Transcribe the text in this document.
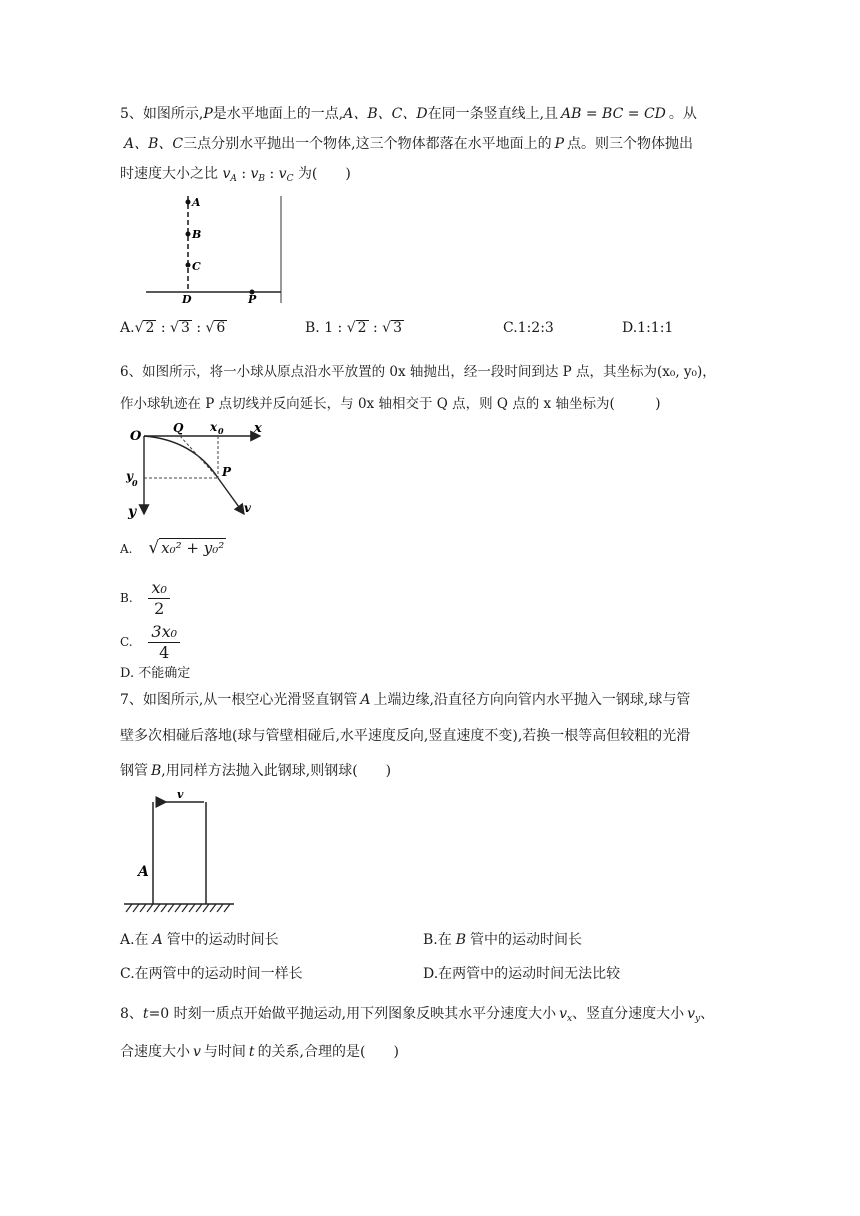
5、如图所示,P是水平地面上的一点,A、B、C、D在同一条竖直线上,且 AB = BC = CD 。从
A、B、C三点分别水平抛出一个物体,这三个物体都落在水平地面上的 P 点。则三个物体抛出
时速度大小之比 $v_A$ : $v_B$ : $v_C$ 为(　　)
A
B
C
D	P
A.√ 2 : √ 3 : √ 6	B. 1 : √ 2 : √ 3	C.1:2:3	D.1:1:1
6、如图所示，将一小球从原点沿水平放置的 0x 轴抛出，经一段时间到达 P 点，其坐标为(x₀, y₀)，
作小球轨迹在 P 点切线并反向延长，与 0x 轴相交于 Q 点，则 Q 点的 x 轴坐标为(　　　)
O
Q x 0 x
y 0
P
y	v
A. √ x₀² + y₀²
B. $\frac{\text{x₀}}{2}$
C. $\frac{\text{3x₀}}{4}$
D. 不能确定
7、如图所示,从一根空心光滑竖直钢管 A 上端边缘,沿直径方向向管内水平抛入一钢球,球与管
壁多次相碰后落地(球与管壁相碰后,水平速度反向,竖直速度不变),若换一根等高但较粗的光滑
钢管 B,用同样方法抛入此钢球,则钢球(　　)
v
A
A.在 A 管中的运动时间长	B.在 B 管中的运动时间长
C.在两管中的运动时间一样长	D.在两管中的运动时间无法比较
8、t=0 时刻一质点开始做平抛运动,用下列图象反映其水平分速度大小 $v_x$、竖直分速度大小 $v_y$、
合速度大小 v 与时间 t 的关系,合理的是(　　)
